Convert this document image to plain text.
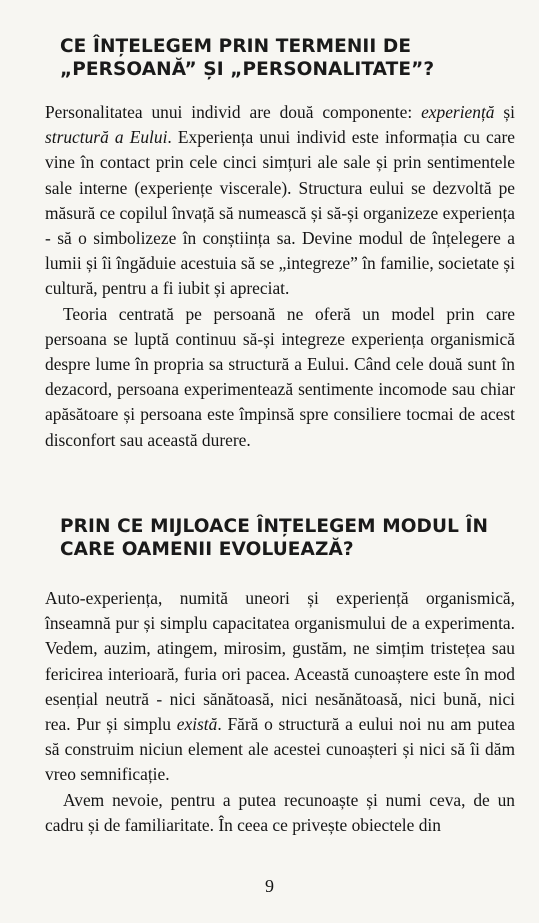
CE ÎNȚELEGEM PRIN TERMENII DE
„PERSOANĂ” ȘI „PERSONALITATE”?

Personalitatea unui individ are două componente: experiență și structură a Eului. Experiența unui individ este informația cu care vine în contact prin cele cinci simțuri ale sale și prin sentimentele sale interne (experiențe viscerale). Structura eului se dezvoltă pe măsură ce copilul învață să numească și să-și organizeze experiența - să o simbolizeze în conștiința sa. Devine modul de înțelegere a lumii și îi îngăduie acestuia să se „integreze” în familie, societate și cultură, pentru a fi iubit și apreciat.

Teoria centrată pe persoană ne oferă un model prin care persoana se luptă continuu să-și integreze experiența organismică despre lume în propria sa structură a Eului. Când cele două sunt în dezacord, persoana experimentează sentimente incomode sau chiar apăsătoare și persoana este împinsă spre consiliere tocmai de acest disconfort sau această durere.

PRIN CE MIJLOACE ÎNȚELEGEM MODUL ÎN
CARE OAMENII EVOLUEAZĂ?

Auto-experiența, numită uneori și experiență organismică, înseamnă pur și simplu capacitatea organismului de a experimenta. Vedem, auzim, atingem, mirosim, gustăm, ne simțim tristețea sau fericirea interioară, furia ori pacea. Această cunoaștere este în mod esențial neutră - nici sănătoasă, nici nesănătoasă, nici bună, nici rea. Pur și simplu există. Fără o structură a eului noi nu am putea să construim niciun element ale acestei cunoașteri și nici să îi dăm vreo semnificație.

Avem nevoie, pentru a putea recunoaște și numi ceva, de un cadru și de familiaritate. În ceea ce privește obiectele din

9
